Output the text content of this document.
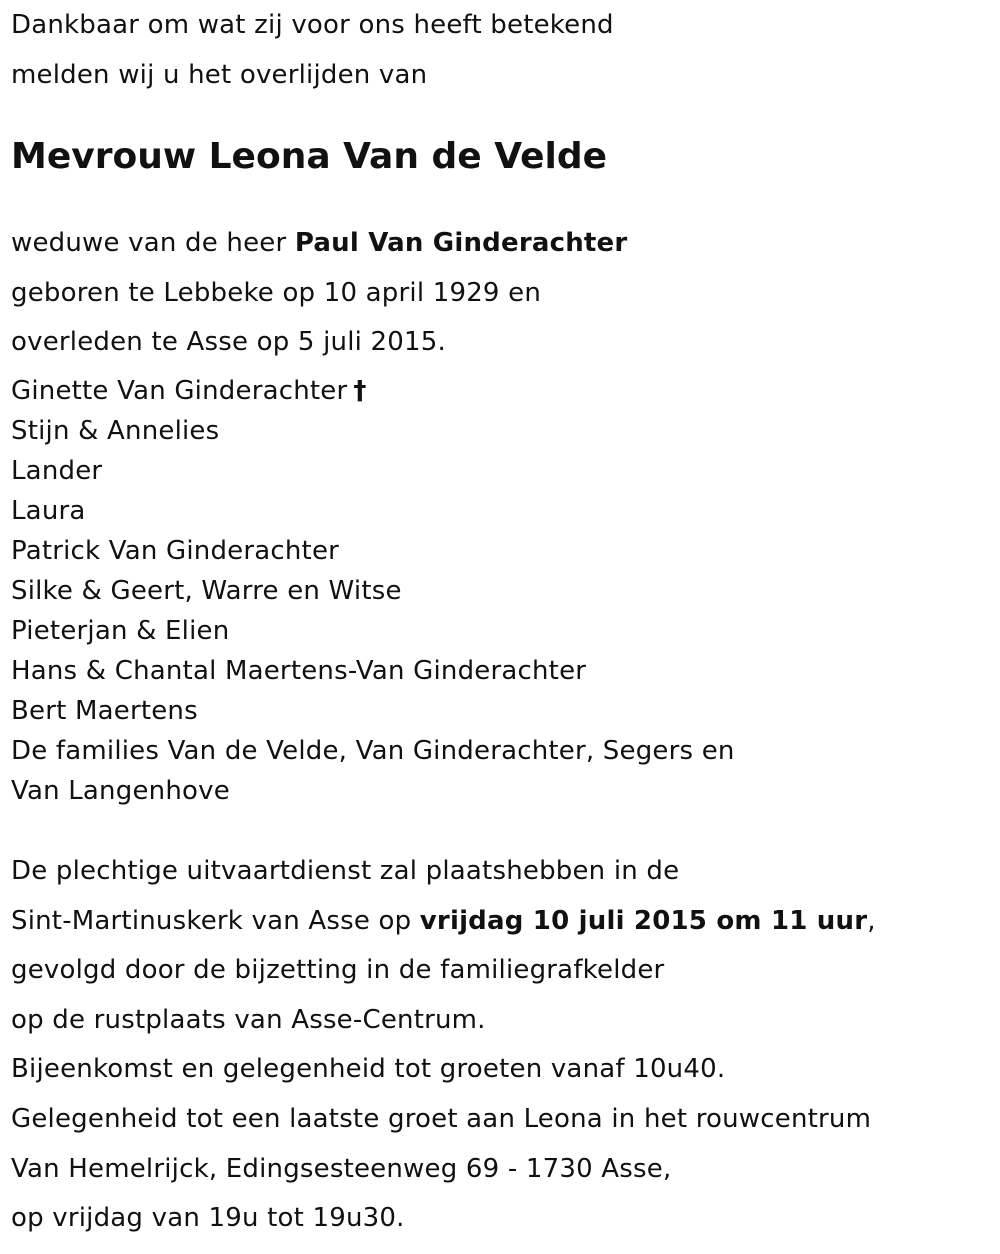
Dankbaar om wat zij voor ons heeft betekend
melden wij u het overlijden van
Mevrouw Leona Van de Velde
weduwe van de heer Paul Van Ginderachter
geboren te Lebbeke op 10 april 1929 en
overleden te Asse op 5 juli 2015.
Ginette Van Ginderachter †
Stijn & Annelies
Lander
Laura
Patrick Van Ginderachter
Silke & Geert, Warre en Witse
Pieterjan & Elien
Hans & Chantal Maertens-Van Ginderachter
Bert Maertens
De families Van de Velde, Van Ginderachter, Segers en
Van Langenhove
De plechtige uitvaartdienst zal plaatshebben in de
Sint-Martinuskerk van Asse op vrijdag 10 juli 2015 om 11 uur,
gevolgd door de bijzetting in de familiegrafkelder
op de rustplaats van Asse-Centrum.
Bijeenkomst en gelegenheid tot groeten vanaf 10u40.
Gelegenheid tot een laatste groet aan Leona in het rouwcentrum
Van Hemelrijck, Edingsesteenweg 69 - 1730 Asse,
op vrijdag van 19u tot 19u30.
